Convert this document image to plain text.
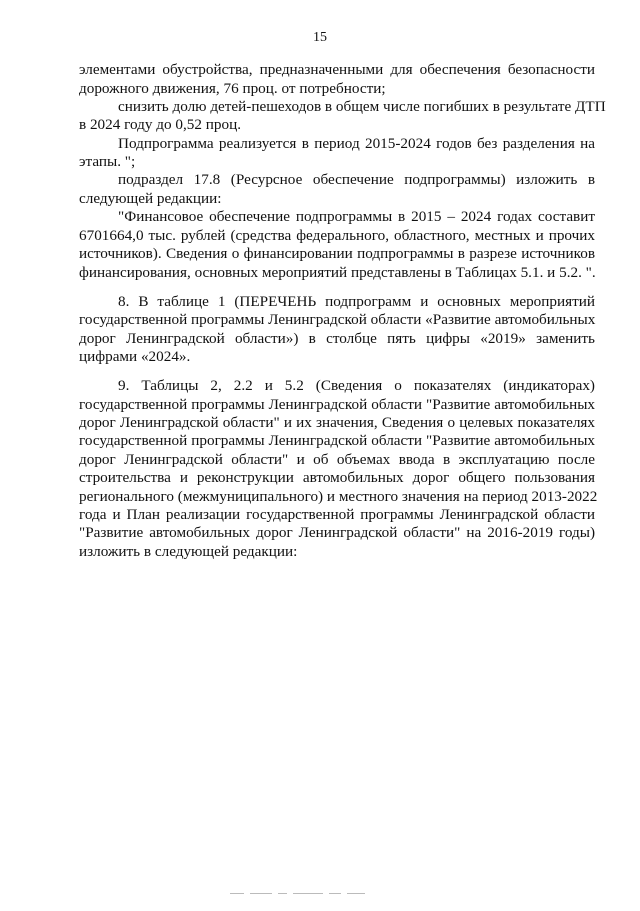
15
элементами обустройства, предназначенными для обеспечения безопасности
дорожного движения, 76 проц. от потребности;
снизить долю детей-пешеходов в общем числе погибших в результате ДТП
в 2024 году до 0,52 проц.
Подпрограмма реализуется в период 2015-2024 годов без разделения на
этапы. ";
подраздел 17.8 (Ресурсное обеспечение подпрограммы) изложить в
следующей редакции:
"Финансовое обеспечение подпрограммы в 2015 – 2024 годах составит
6701664,0 тыс. рублей (средства федерального, областного, местных и прочих
источников). Сведения о финансировании подпрограммы в разрезе источников
финансирования, основных мероприятий представлены в Таблицах 5.1. и 5.2. ".
8. В таблице 1 (ПЕРЕЧЕНЬ подпрограмм и основных мероприятий
государственной программы Ленинградской области «Развитие автомобильных
дорог Ленинградской области») в столбце пять цифры «2019» заменить
цифрами «2024».
9. Таблицы 2, 2.2 и 5.2 (Сведения о показателях (индикаторах)
государственной программы Ленинградской области "Развитие автомобильных
дорог Ленинградской области" и их значения, Сведения о целевых показателях
государственной программы Ленинградской области "Развитие автомобильных
дорог Ленинградской области" и об объемах ввода в эксплуатацию после
строительства и реконструкции автомобильных дорог общего пользования
регионального (межмуниципального) и местного значения на период 2013-2022
года и План реализации государственной программы Ленинградской области
"Развитие автомобильных дорог Ленинградской области" на 2016-2019 годы)
изложить в следующей редакции:
